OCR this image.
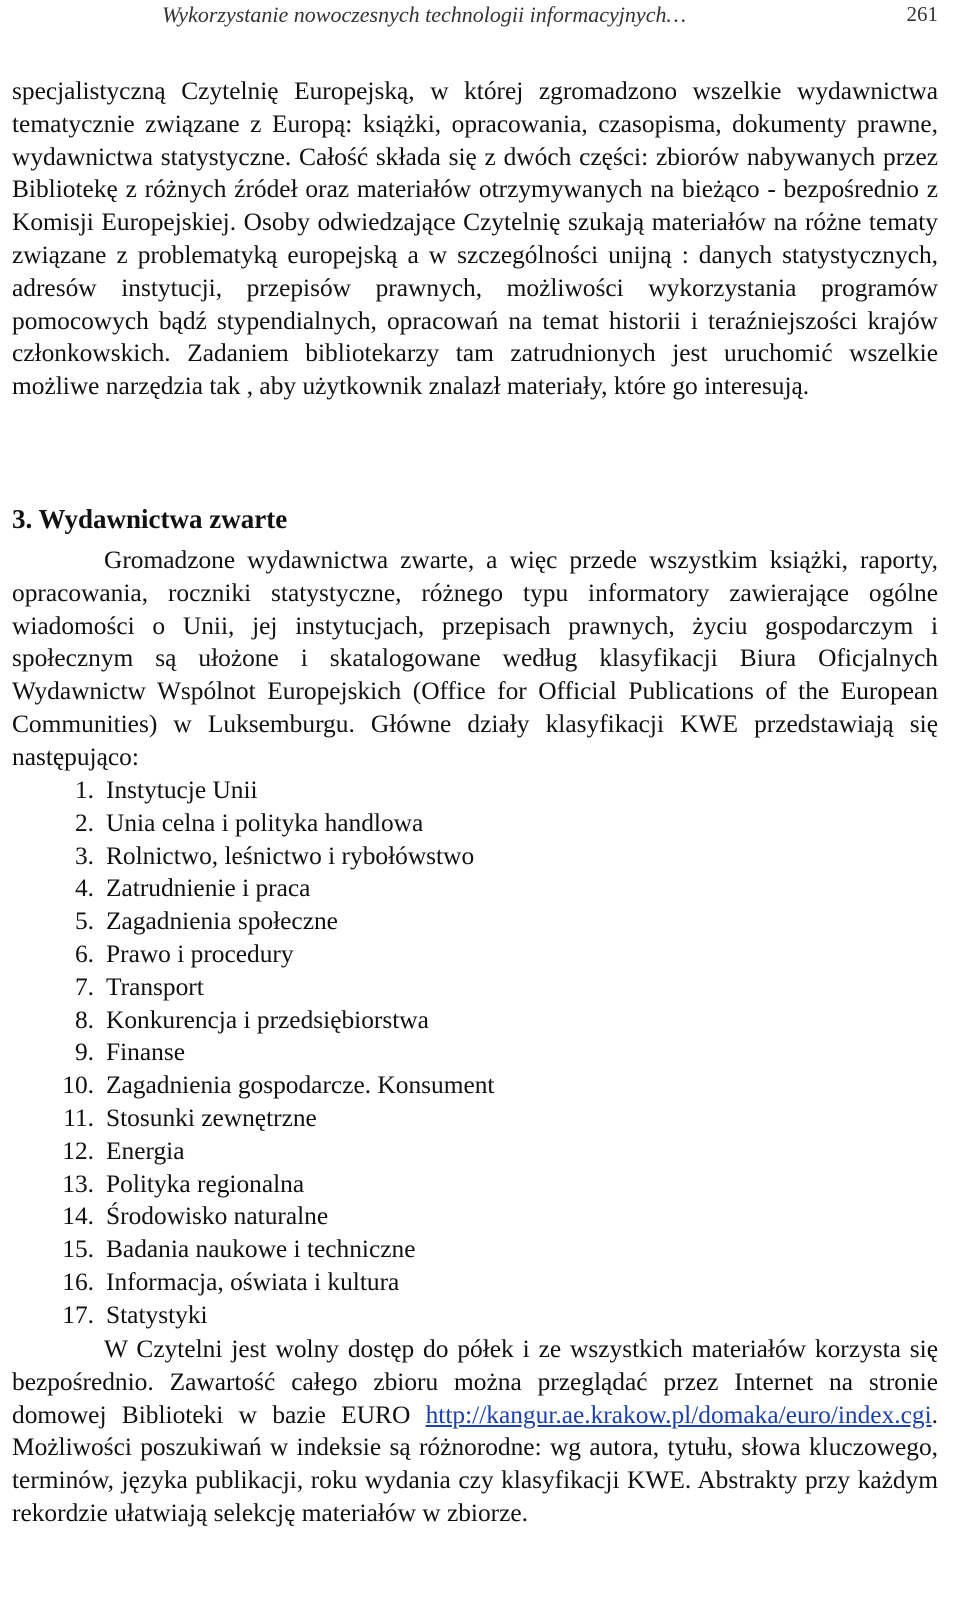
Wykorzystanie nowoczesnych technologii informacyjnych…	261

specjalistyczną Czytelnię Europejską, w której zgromadzono wszelkie wydawnictwa tematycznie związane z Europą: książki, opracowania, czasopisma, dokumenty prawne, wydawnictwa statystyczne. Całość składa się z dwóch części: zbiorów nabywanych przez Bibliotekę z różnych źródeł oraz materiałów otrzymywanych na bieżąco - bezpośrednio z Komisji Europejskiej. Osoby odwiedzające Czytelnię szukają materiałów na różne tematy związane z problematyką europejską a w szczególności unijną : danych statystycznych, adresów instytucji, przepisów prawnych, możliwości wykorzystania programów pomocowych bądź stypendialnych, opracowań na temat historii i teraźniejszości krajów członkowskich. Zadaniem bibliotekarzy tam zatrudnionych jest uruchomić wszelkie możliwe narzędzia tak , aby użytkownik znalazł materiały, które go interesują.

3. Wydawnictwa zwarte

Gromadzone wydawnictwa zwarte, a więc przede wszystkim książki, raporty, opracowania, roczniki statystyczne, różnego typu informatory zawierające ogólne wiadomości o Unii, jej instytucjach, przepisach prawnych, życiu gospodarczym i społecznym są ułożone i skatalogowane według klasyfikacji Biura Oficjalnych Wydawnictw Wspólnot Europejskich (Office for Official Publications of the European Communities) w Luksemburgu. Główne działy klasyfikacji KWE przedstawiają się następująco:

1. Instytucje Unii
2. Unia celna i polityka handlowa
3. Rolnictwo, leśnictwo i rybołówstwo
4. Zatrudnienie i praca
5. Zagadnienia społeczne
6. Prawo i procedury
7. Transport
8. Konkurencja i przedsiębiorstwa
9. Finanse
10. Zagadnienia gospodarcze. Konsument
11. Stosunki zewnętrzne
12. Energia
13. Polityka regionalna
14. Środowisko naturalne
15. Badania naukowe i techniczne
16. Informacja, oświata i kultura
17. Statystyki

W Czytelni jest wolny dostęp do półek i ze wszystkich materiałów korzysta się bezpośrednio. Zawartość całego zbioru można przeglądać przez Internet na stronie domowej Biblioteki w bazie EURO http://kangur.ae.krakow.pl/domaka/euro/index.cgi. Możliwości poszukiwań w indeksie są różnorodne: wg autora, tytułu, słowa kluczowego, terminów, języka publikacji, roku wydania czy klasyfikacji KWE. Abstrakty przy każdym rekordzie ułatwiają selekcję materiałów w zbiorze.
